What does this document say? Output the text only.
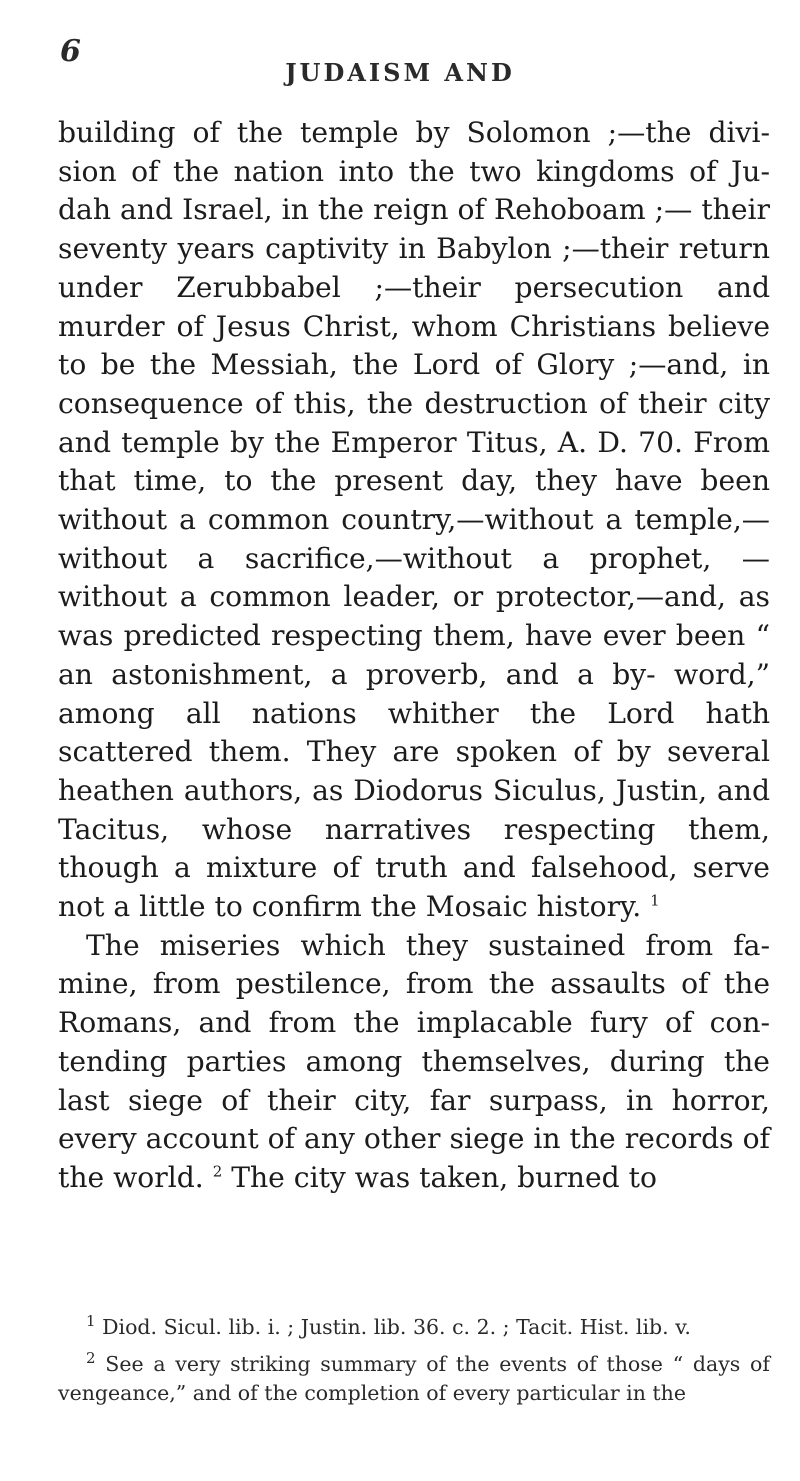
6
JUDAISM AND

building of the temple by Solomon ;—the divi- sion of the nation into the two kingdoms of Ju- dah and Israel, in the reign of Rehoboam ;— their seventy years captivity in Babylon ;—their return under Zerubbabel ;—their persecution and murder of Jesus Christ, whom Christians believe to be the Messiah, the Lord of Glory ;—and, in consequence of this, the destruction of their city and temple by the Emperor Titus, A. D. 70. From that time, to the present day, they have been without a common country,—without a temple,—without a sacrifice,—without a prophet, —without a common leader, or protector,—and, as was predicted respecting them, have ever been “ an astonishment, a proverb, and a by- word,” among all nations whither the Lord hath scattered them. They are spoken of by several heathen authors, as Diodorus Siculus, Justin, and Tacitus, whose narratives respecting them, though a mixture of truth and falsehood, serve not a little to confirm the Mosaic history. $^1$

The miseries which they sustained from fa- mine, from pestilence, from the assaults of the Romans, and from the implacable fury of con- tending parties among themselves, during the last siege of their city, far surpass, in horror, every account of any other siege in the records of the world. $^2$ The city was taken, burned to

$^1$ Diod. Sicul. lib. i. ; Justin. lib. 36. c. 2. ; Tacit. Hist. lib. v.

$^2$ See a very striking summary of the events of those “ days of vengeance,” and of the completion of every particular in the
